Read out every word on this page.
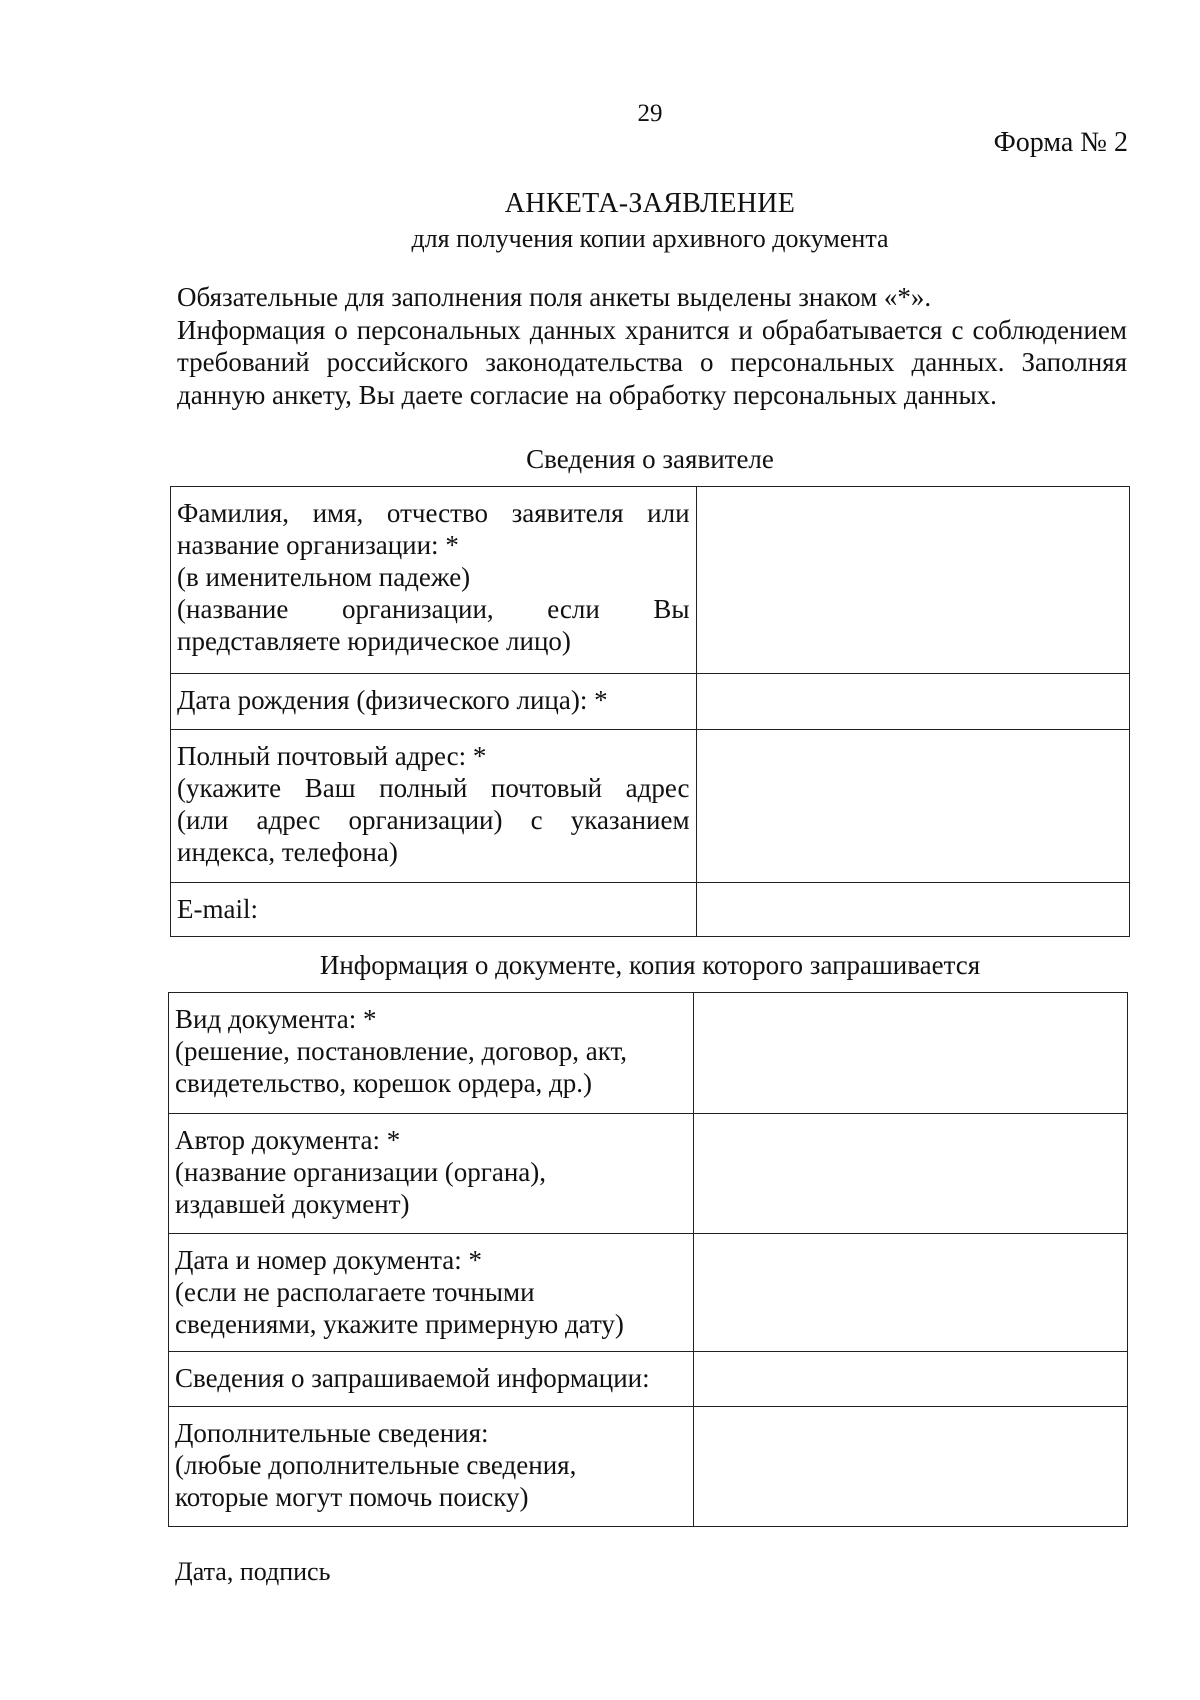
29
Форма № 2
АНКЕТА-ЗАЯВЛЕНИЕ
для получения копии архивного документа

Обязательные для заполнения поля анкеты выделены знаком «*».

Информация о персональных данных хранится и обрабатывается с соблюдением требований российского законодательства о персональных данных. Заполняя данную анкету, Вы даете согласие на обработку персональных данных.

Сведения о заявителе
Фамилия, имя, отчество заявителя или
название организации: *
(в именительном падеже)
(название организации, если Вы
представляете юридическое лицо)	

Дата рождения (физического лица): *	

Полный почтовый адрес: *
(укажите Ваш полный почтовый адрес
(или адрес организации) с указанием
индекса, телефона)	

E-mail:	

Информация о документе, копия которого запрашивается
Вид документа: *
(решение, постановление, договор, акт,
свидетельство, корешок ордера, др.)	

Автор документа: *
(название организации (органа),
издавшей документ)	

Дата и номер документа: *
(если не располагаете точными
сведениями, укажите примерную дату)	

Сведения о запрашиваемой информации:	

Дополнительные сведения:
(любые дополнительные сведения,
которые могут помочь поиску)	

Дата, подпись
